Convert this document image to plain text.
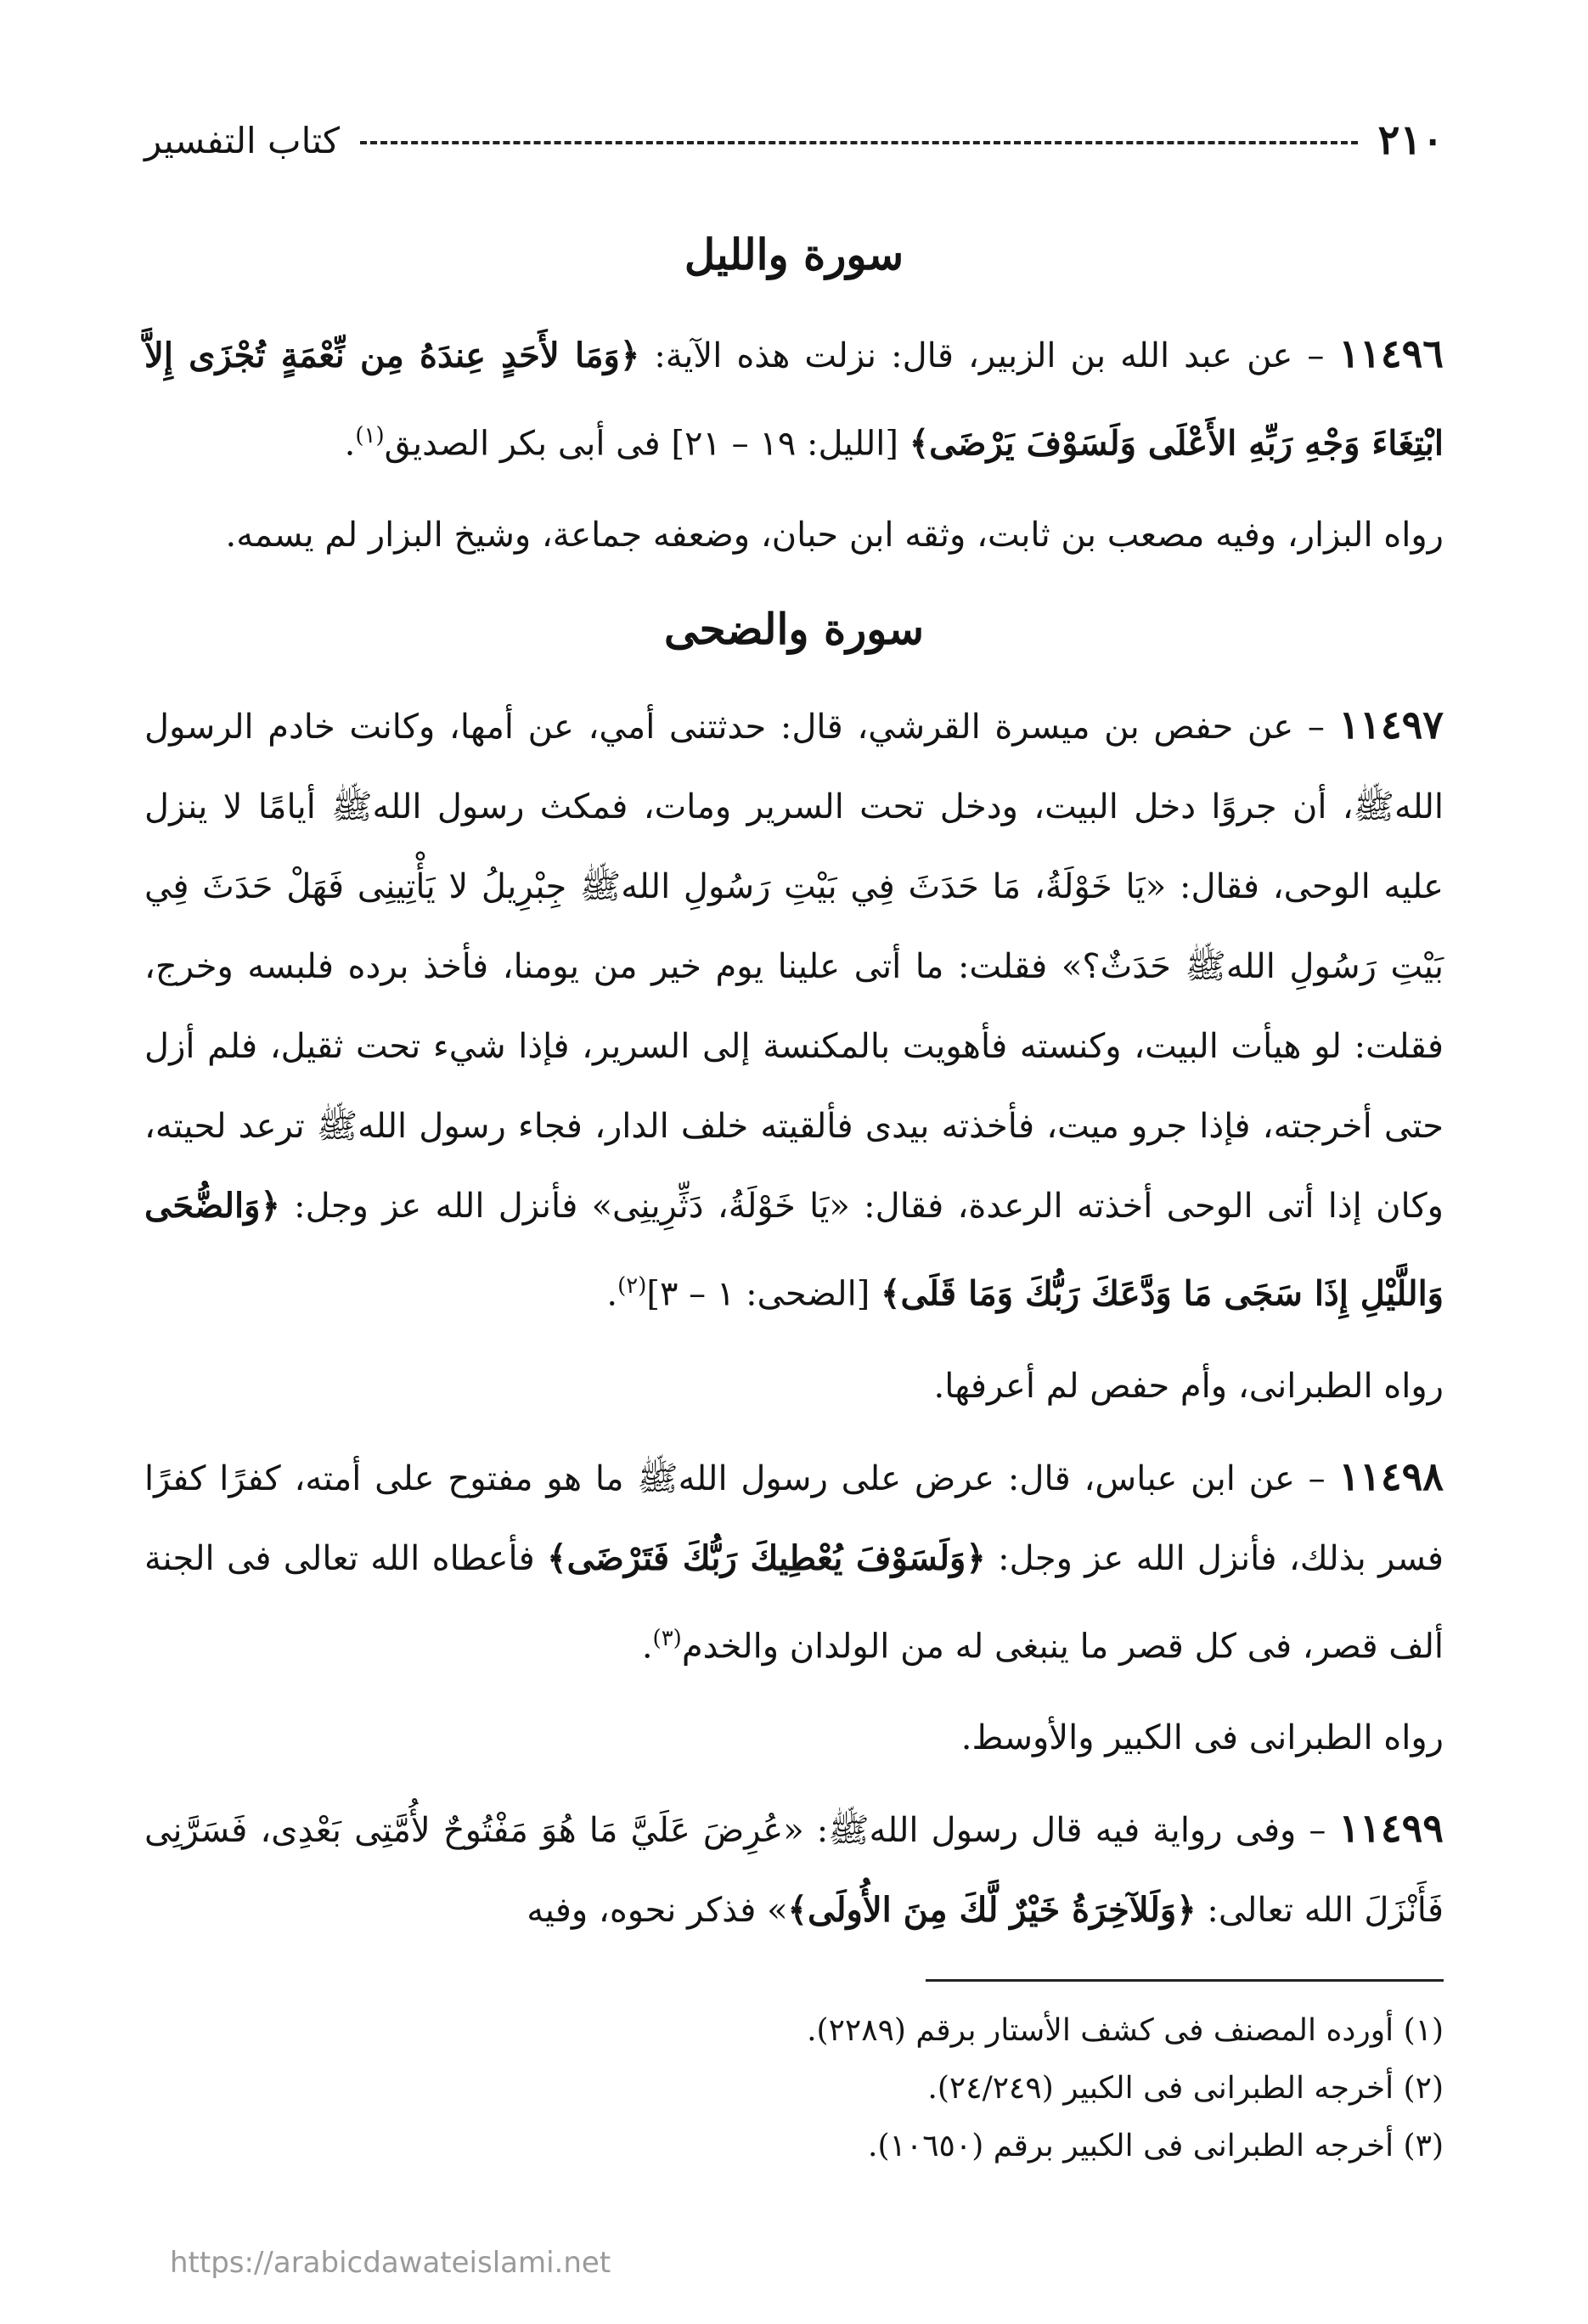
٢١٠
كتاب التفسير
سورة والليل

١١٤٩٦ – عن عبد الله بن الزبير، قال: نزلت هذه الآية: ﴿وَمَا لأَحَدٍ عِندَهُ مِن نِّعْمَةٍ تُجْزَى إِلاَّ ابْتِغَاءَ وَجْهِ رَبِّهِ الأَعْلَى وَلَسَوْفَ يَرْضَى﴾ [الليل: ١٩ – ٢١] فى أبى بكر الصديق$^{(١)}$.

رواه البزار، وفيه مصعب بن ثابت، وثقه ابن حبان، وضعفه جماعة، وشيخ البزار لم يسمه.

سورة والضحى

١١٤٩٧ – عن حفص بن ميسرة القرشي، قال: حدثتنى أمي، عن أمها، وكانت خادم الرسول اللهﷺ، أن جروًا دخل البيت، ودخل تحت السرير ومات، فمكث رسول اللهﷺ أيامًا لا ينزل عليه الوحى، فقال: «يَا خَوْلَةُ، مَا حَدَثَ فِي بَيْتِ رَسُولِ اللهﷺ جِبْرِيلُ لا يَأْتِينِى فَهَلْ حَدَثَ فِي بَيْتِ رَسُولِ اللهﷺ حَدَثٌ؟» فقلت: ما أتى علينا يوم خير من يومنا، فأخذ برده فلبسه وخرج، فقلت: لو هيأت البيت، وكنسته فأهويت بالمكنسة إلى السرير، فإذا شيء تحت ثقيل، فلم أزل حتى أخرجته، فإذا جرو ميت، فأخذته بيدى فألقيته خلف الدار، فجاء رسول اللهﷺ ترعد لحيته، وكان إذا أتى الوحى أخذته الرعدة، فقال: «يَا خَوْلَةُ، دَثِّرِينِى» فأنزل الله عز وجل: ﴿وَالضُّحَى وَاللَّيْلِ إِذَا سَجَى مَا وَدَّعَكَ رَبُّكَ وَمَا قَلَى﴾ [الضحى: ١ – ٣]$^{(٢)}$.

رواه الطبرانى، وأم حفص لم أعرفها.

١١٤٩٨ – عن ابن عباس، قال: عرض على رسول اللهﷺ ما هو مفتوح على أمته، كفرًا كفرًا فسر بذلك، فأنزل الله عز وجل: ﴿وَلَسَوْفَ يُعْطِيكَ رَبُّكَ فَتَرْضَى﴾ فأعطاه الله تعالى فى الجنة ألف قصر، فى كل قصر ما ينبغى له من الولدان والخدم$^{(٣)}$.

رواه الطبرانى فى الكبير والأوسط.

١١٤٩٩ – وفى رواية فيه قال رسول اللهﷺ: «عُرِضَ عَلَيَّ مَا هُوَ مَفْتُوحٌ لأُمَّتِى بَعْدِى، فَسَرَّنِى فَأَنْزَلَ الله تعالى: ﴿وَلَلآخِرَةُ خَيْرٌ لَّكَ مِنَ الأُولَى﴾» فذكر نحوه، وفيه

(١) أورده المصنف فى كشف الأستار برقم (٢٢٨٩).

(٢) أخرجه الطبرانى فى الكبير (٢٤/٢٤٩).

(٣) أخرجه الطبرانى فى الكبير برقم (١٠٦٥٠).

https://arabicdawateislami.net
